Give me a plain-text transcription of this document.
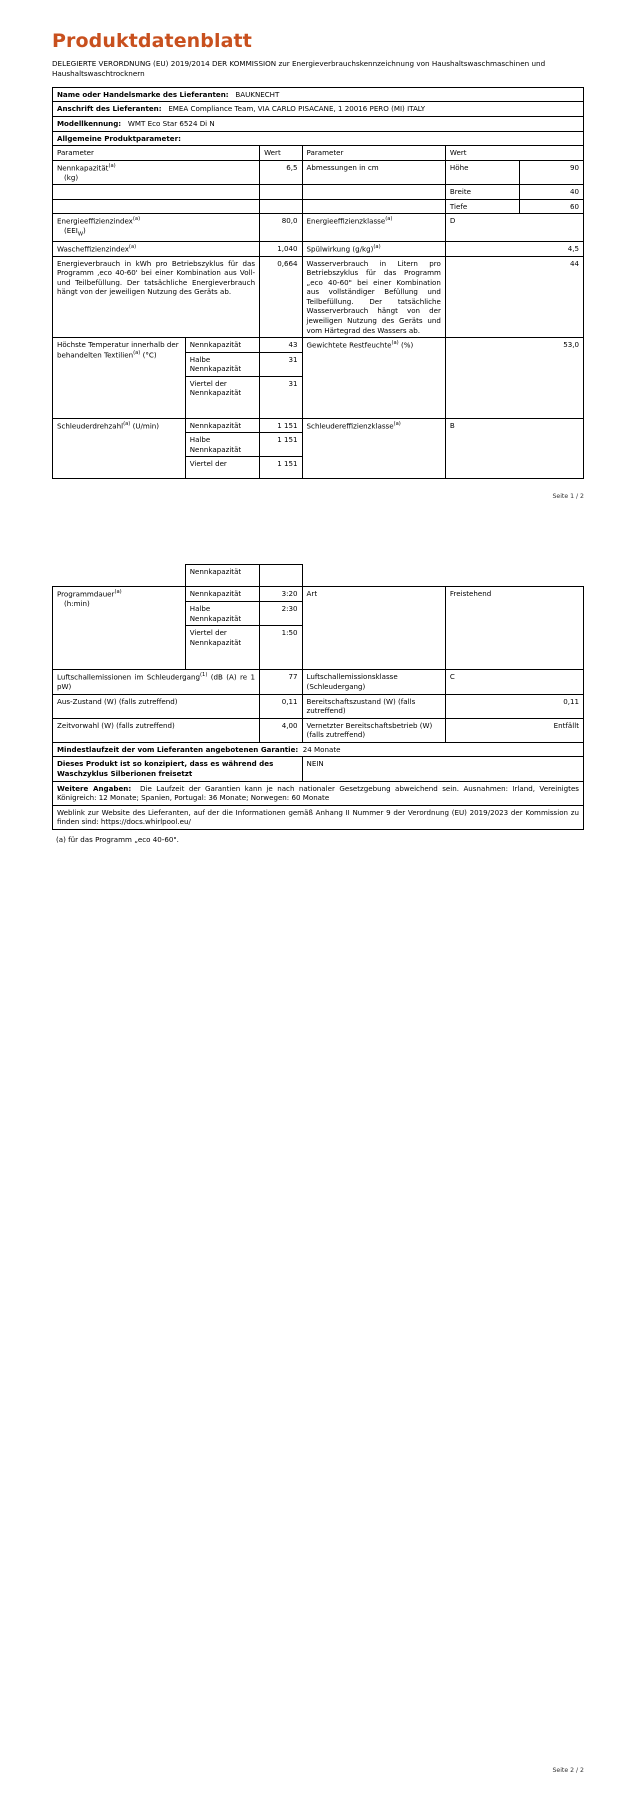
Produktdatenblatt
DELEGIERTE VERORDNUNG (EU) 2019/2014 DER KOMMISSION zur Energieverbrauchskennzeichnung von Haushaltswaschmaschinen und Haushaltswaschtrocknern
Name oder Handelsmarke des Lieferanten: BAUKNECHT					
Anschrift des Lieferanten: EMEA Compliance Team, VIA CARLO PISACANE, 1 20016 PERO (MI) ITALY					
Modellkennung: WMT Eco Star 6524 Di N					
Allgemeine Produktparameter:					
Parameter		Wert	Parameter	Wert	
Nennkapazität$^{(a)}$
(kg)		6,5	Abmessungen in cm	Höhe	90
				Breite	40
				Tiefe	60
Energieeffizienzindex$^{(a)}$
$(EEI_W)$		80,0	Energieeffizienzklasse$^{(a)}$	D	
Wascheffizienzindex$^{(a)}$		1,040	Spülwirkung $(g/kg)^{(a)}$	4,5	
Energieverbrauch in kWh pro Betriebszyklus für das Programm ‚eco 40-60' bei einer Kombination aus Voll- und Teilbefüllung. Der tatsächliche Energieverbrauch hängt von der jeweiligen Nutzung des Geräts ab.	0,664	Wasserverbrauch in Litern pro Betriebszyklus für das Programm „eco 40-60" bei einer Kombination aus vollständiger Befüllung und Teilbefüllung. Der tatsächliche Wasserverbrauch hängt von der jeweiligen Nutzung des Geräts und vom Härtegrad des Wassers ab.	44
Höchste Temperatur innerhalb der behandelten Textilien$^{(a)}$ (°C)	Nennkapazität	43	Gewichtete Restfeuchte$^{(a)}$ (%)	53,0	
	Halbe Nennkapazität	31			
	Viertel der Nennkapazität	31			
Schleuderdrehzahl$^{(a)}$ (U/min)	Nennkapazität	1 151	Schleudereffizienzklasse$^{(a)}$	B	
	Halbe Nennkapazität	1 151			
	Viertel der	1 151			
Seite 1 / 2
	Nennkapazität				
Programmdauer$^{(a)}$
(h:min)	Nennkapazität	3:20	Art	Freistehend	
	Halbe Nennkapazität	2:30			
	Viertel der Nennkapazität	1:50			
Luftschallemissionen im Schleudergang$^{(1)}$ (dB (A) re 1 pW)		77	Luftschallemissionsklasse (Schleudergang)	C	
Aus-Zustand (W) (falls zutreffend)		0,11	Bereitschaftszustand (W) (falls zutreffend)	0,11	
Zeitvorwahl (W) (falls zutreffend)		4,00	Vernetzter Bereitschaftsbetrieb (W) (falls zutreffend)	Entfällt	
Mindestlaufzeit der vom Lieferanten angebotenen Garantie: 24 Monate					
Dieses Produkt ist so konzipiert, dass es während des Waschzyklus Silberionen freisetzt			NEIN		
Weitere Angaben: Die Laufzeit der Garantien kann je nach nationaler Gesetzgebung abweichend sein. Ausnahmen: Irland, Vereinigtes Königreich: 12 Monate; Spanien, Portugal: 36 Monate; Norwegen: 60 Monate					
Weblink zur Website des Lieferanten, auf der die Informationen gemäß Anhang II Nummer 9 der Verordnung (EU) 2019/2023 der Kommission zu finden sind: https://docs.whirlpool.eu/					
(a) für das Programm „eco 40-60".
Seite 2 / 2
